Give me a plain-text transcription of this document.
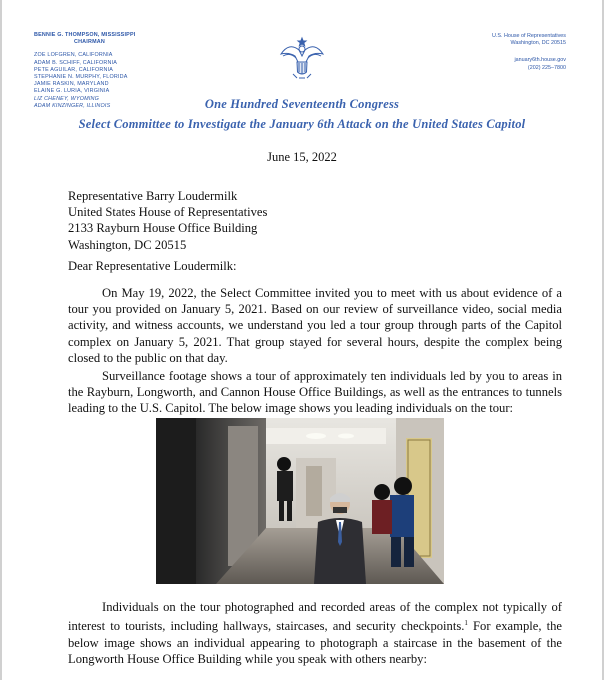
BENNIE G. THOMPSON, MISSISSIPPI
CHAIRMAN
ZOE LOFGREN, CALIFORNIA
ADAM B. SCHIFF, CALIFORNIA
PETE AGUILAR, CALIFORNIA
STEPHANIE N. MURPHY, FLORIDA
JAMIE RASKIN, MARYLAND
ELAINE G. LURIA, VIRGINIA
LIZ CHENEY, WYOMING
ADAM KINZINGER, ILLINOIS
U.S. House of Representatives
Washington, DC 20515
january6th.house.gov
(202) 225–7800
One Hundred Seventeenth Congress
Select Committee to Investigate the January 6th Attack on the United States Capitol
June 15, 2022
Representative Barry Loudermilk
United States House of Representatives
2133 Rayburn House Office Building
Washington, DC 20515
Dear Representative Loudermilk:
On May 19, 2022, the Select Committee invited you to meet with us about evidence of a tour you provided on January 5, 2021. Based on our review of surveillance video, social media activity, and witness accounts, we understand you led a tour group through parts of the Capitol complex on January 5, 2021. That group stayed for several hours, despite the complex being closed to the public on that day.
Surveillance footage shows a tour of approximately ten individuals led by you to areas in the Rayburn, Longworth, and Cannon House Office Buildings, as well as the entrances to tunnels leading to the U.S. Capitol. The below image shows you leading individuals on the tour:
Individuals on the tour photographed and recorded areas of the complex not typically of interest to tourists, including hallways, staircases, and security checkpoints.$^1$ For example, the below image shows an individual appearing to photograph a staircase in the basement of the Longworth House Office Building while you speak with others nearby:
